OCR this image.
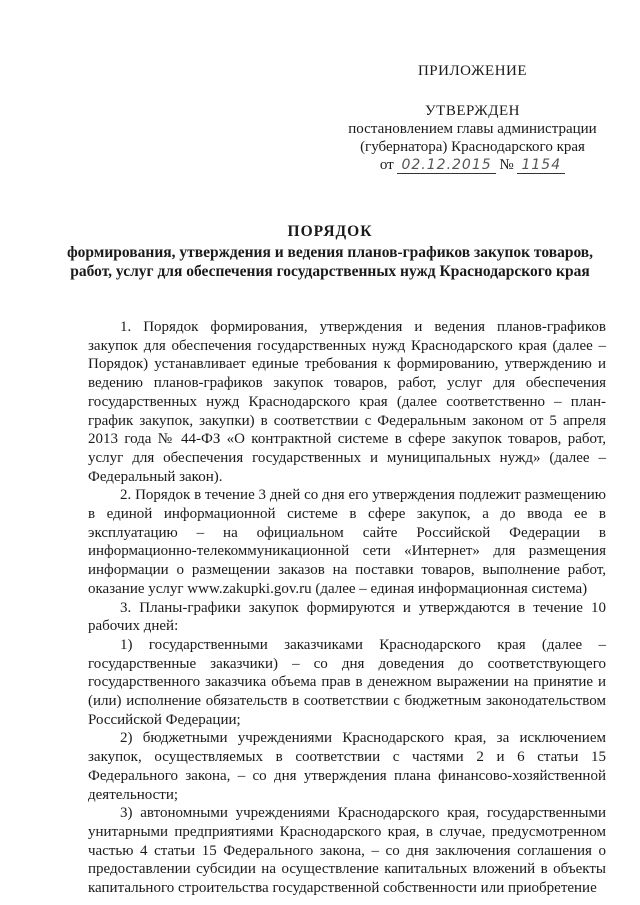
ПРИЛОЖЕНИЕ
УТВЕРЖДЕН
постановлением главы администрации
(губернатора) Краснодарского края
от 02.12.2015 № 1154
ПОРЯДОК
формирования, утверждения и ведения планов-графиков закупок товаров,
работ, услуг для обеспечения государственных нужд Краснодарского края

1. Порядок формирования, утверждения и ведения планов-графиков закупок для обеспечения государственных нужд Краснодарского края (далее – Порядок) устанавливает единые требования к формированию, утверждению и ведению планов-графиков закупок товаров, работ, услуг для обеспечения государственных нужд Краснодарского края (далее соответственно – план-график закупок, закупки) в соответствии с Федеральным законом от 5 апреля 2013 года № 44-ФЗ «О контрактной системе в сфере закупок товаров, работ, услуг для обеспечения государственных и муниципальных нужд» (далее – Федеральный закон).

2. Порядок в течение 3 дней со дня его утверждения подлежит размещению в единой информационной системе в сфере закупок, а до ввода ее в эксплуатацию – на официальном сайте Российской Федерации в информационно-телекоммуникационной сети «Интернет» для размещения информации о размещении заказов на поставки товаров, выполнение работ, оказание услуг www.zakupki.gov.ru (далее – единая информационная система)

3. Планы-графики закупок формируются и утверждаются в течение 10 рабочих дней:

1) государственными заказчиками Краснодарского края (далее – государственные заказчики) – со дня доведения до соответствующего государственного заказчика объема прав в денежном выражении на принятие и (или) исполнение обязательств в соответствии с бюджетным законодательством Российской Федерации;

2) бюджетными учреждениями Краснодарского края, за исключением закупок, осуществляемых в соответствии с частями 2 и 6 статьи 15 Федерального закона, – со дня утверждения плана финансово-хозяйственной деятельности;

3) автономными учреждениями Краснодарского края, государственными унитарными предприятиями Краснодарского края, в случае, предусмотренном частью 4 статьи 15 Федерального закона, – со дня заключения соглашения о предоставлении субсидии на осуществление капитальных вложений в объекты капитального строительства государственной собственности или приобретение
